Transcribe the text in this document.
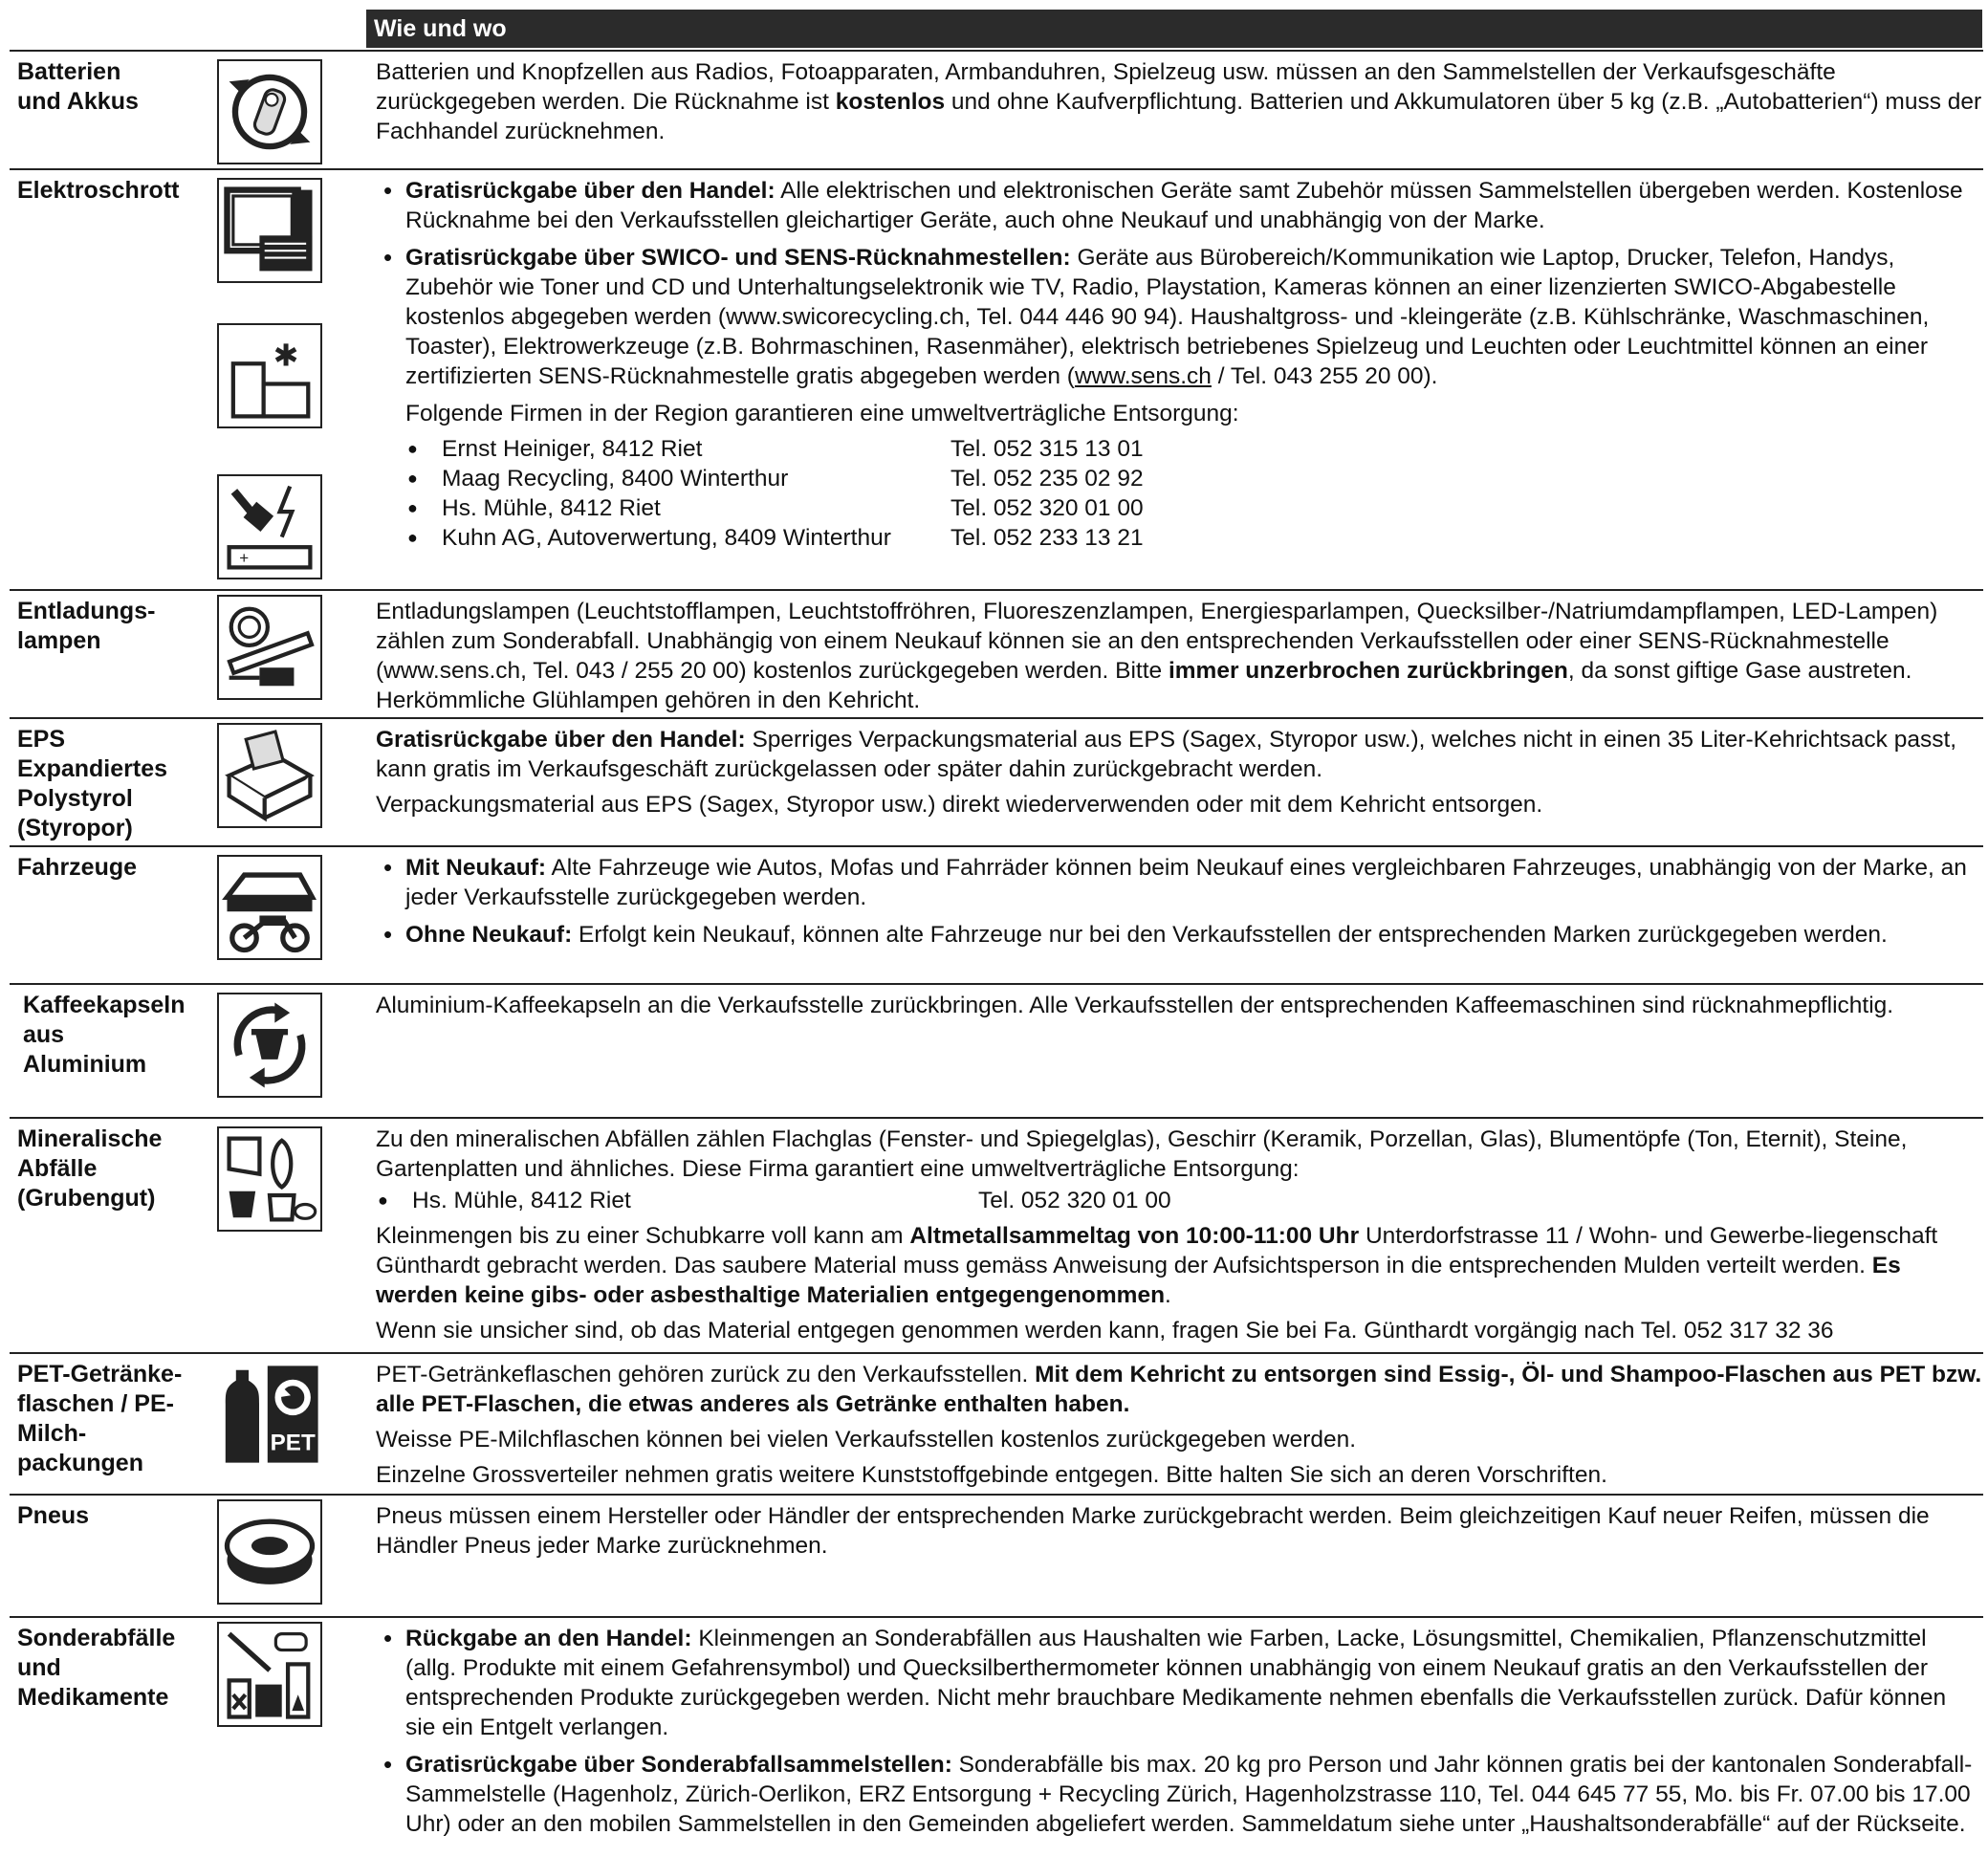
Wie und wo
Batterien
und Akkus

Batterien und Knopfzellen aus Radios, Fotoapparaten, Armbanduhren, Spielzeug usw. müssen an den Sammelstellen der Verkaufsgeschäfte zurückgegeben werden. Die Rücknahme ist kostenlos und ohne Kaufverpflichtung. Batterien und Akkumulatoren über 5 kg (z.B. „Autobatterien“) muss der Fachhandel zurücknehmen.

Elektroschrott
✱
+
• Gratisrückgabe über den Handel: Alle elektrischen und elektronischen Geräte samt Zubehör müssen Sammelstellen übergeben werden. Kostenlose Rücknahme bei den Verkaufsstellen gleichartiger Geräte, auch ohne Neukauf und unabhängig von der Marke.
• Gratisrückgabe über SWICO- und SENS-Rücknahmestellen: Geräte aus Bürobereich/Kommunikation wie Laptop, Drucker, Telefon, Handys, Zubehör wie Toner und CD und Unterhaltungselektronik wie TV, Radio, Playstation, Kameras können an einer lizenzierten SWICO-Abgabestelle kostenlos abgegeben werden (www.swicorecycling.ch, Tel. 044 446 90 94). Haushaltgross- und -kleingeräte (z.B. Kühlschränke, Waschmaschinen, Toaster), Elektrowerkzeuge (z.B. Bohrmaschinen, Rasenmäher), elektrisch betriebenes Spielzeug und Leuchten oder Leuchtmittel können an einer zertifizierten SENS-Rücknahmestelle gratis abgegeben werden (www.sens.ch / Tel. 043 255 20 00).

Folgende Firmen in der Region garantieren eine umweltverträgliche Entsorgung:

● Ernst Heiniger, 8412 Riet	Tel. 052 315 13 01
● Maag Recycling, 8400 Winterthur	Tel. 052 235 02 92
● Hs. Mühle, 8412 Riet	Tel. 052 320 01 00
● Kuhn AG, Autoverwertung, 8409 Winterthur	Tel. 052 233 13 21
Entladungs-
lampen

Entladungslampen (Leuchtstofflampen, Leuchtstoffröhren, Fluoreszenzlampen, Energiesparlampen, Quecksilber-/Natriumdampflampen, LED-Lampen) zählen zum Sonderabfall. Unabhängig von einem Neukauf können sie an den entsprechenden Verkaufsstellen oder einer SENS-Rücknahmestelle (www.sens.ch, Tel. 043 / 255 20 00) kostenlos zurückgegeben werden. Bitte immer unzerbrochen zurückbringen, da sonst giftige Gase austreten. Herkömmliche Glühlampen gehören in den Kehricht.

EPS
Expandiertes
Polystyrol
(Styropor)

Gratisrückgabe über den Handel: Sperriges Verpackungsmaterial aus EPS (Sagex, Styropor usw.), welches nicht in einen 35 Liter-Kehrichtsack passt, kann gratis im Verkaufsgeschäft zurückgelassen oder später dahin zurückgebracht werden.

Verpackungsmaterial aus EPS (Sagex, Styropor usw.) direkt wiederverwenden oder mit dem Kehricht entsorgen.

Fahrzeuge	• Mit Neukauf: Alte Fahrzeuge wie Autos, Mofas und Fahrräder können beim Neukauf eines vergleichbaren Fahrzeuges, unabhängig von der Marke, an jeder Verkaufsstelle zurückgegeben werden.
• Ohne Neukauf: Erfolgt kein Neukauf, können alte Fahrzeuge nur bei den Verkaufsstellen der entsprechenden Marken zurückgegeben werden.
Kaffeekapseln
aus
Aluminium

Aluminium-Kaffeekapseln an die Verkaufsstelle zurückbringen. Alle Verkaufsstellen der entsprechenden Kaffeemaschinen sind rücknahmepflichtig.

Mineralische
Abfälle
(Grubengut)

Zu den mineralischen Abfällen zählen Flachglas (Fenster- und Spiegelglas), Geschirr (Keramik, Porzellan, Glas), Blumentöpfe (Ton, Eternit), Steine, Gartenplatten und ähnliches. Diese Firma garantiert eine umweltverträgliche Entsorgung:

● Hs. Mühle, 8412 Riet	Tel. 052 320 01 00

Kleinmengen bis zu einer Schubkarre voll kann am Altmetallsammeltag von 10:00-11:00 Uhr Unterdorfstrasse 11 / Wohn- und Gewerbe-liegenschaft Günthardt gebracht werden. Das saubere Material muss gemäss Anweisung der Aufsichtsperson in die entsprechenden Mulden verteilt werden. Es werden keine gibs- oder asbesthaltige Materialien entgegengenommen.

Wenn sie unsicher sind, ob das Material entgegen genommen werden kann, fragen Sie bei Fa. Günthardt vorgängig nach Tel. 052 317 32 36

PET-Getränke-
flaschen / PE-
Milch-
packungen
PET

PET-Getränkeflaschen gehören zurück zu den Verkaufsstellen. Mit dem Kehricht zu entsorgen sind Essig-, Öl- und Shampoo-Flaschen aus PET bzw. alle PET-Flaschen, die etwas anderes als Getränke enthalten haben.

Weisse PE-Milchflaschen können bei vielen Verkaufsstellen kostenlos zurückgegeben werden.

Einzelne Grossverteiler nehmen gratis weitere Kunststoffgebinde entgegen. Bitte halten Sie sich an deren Vorschriften.

Pneus	Pneus müssen einem Hersteller oder Händler der entsprechenden Marke zurückgebracht werden. Beim gleichzeitigen Kauf neuer Reifen, müssen die Händler Pneus jeder Marke zurücknehmen.

Sonderabfälle
und
Medikamente
• Rückgabe an den Handel: Kleinmengen an Sonderabfällen aus Haushalten wie Farben, Lacke, Lösungsmittel, Chemikalien, Pflanzenschutzmittel (allg. Produkte mit einem Gefahrensymbol) und Quecksilberthermometer können unabhängig von einem Neukauf gratis an den Verkaufsstellen der entsprechenden Produkte zurückgegeben werden. Nicht mehr brauchbare Medikamente nehmen ebenfalls die Verkaufsstellen zurück. Dafür können sie ein Entgelt verlangen.
• Gratisrückgabe über Sonderabfallsammelstellen: Sonderabfälle bis max. 20 kg pro Person und Jahr können gratis bei der kantonalen Sonderabfall-Sammelstelle (Hagenholz, Zürich-Oerlikon, ERZ Entsorgung + Recycling Zürich, Hagenholzstrasse 110, Tel. 044 645 77 55, Mo. bis Fr. 07.00 bis 17.00 Uhr) oder an den mobilen Sammelstellen in den Gemeinden abgeliefert werden. Sammeldatum siehe unter „Haushaltsonderabfälle“ auf der Rückseite.
